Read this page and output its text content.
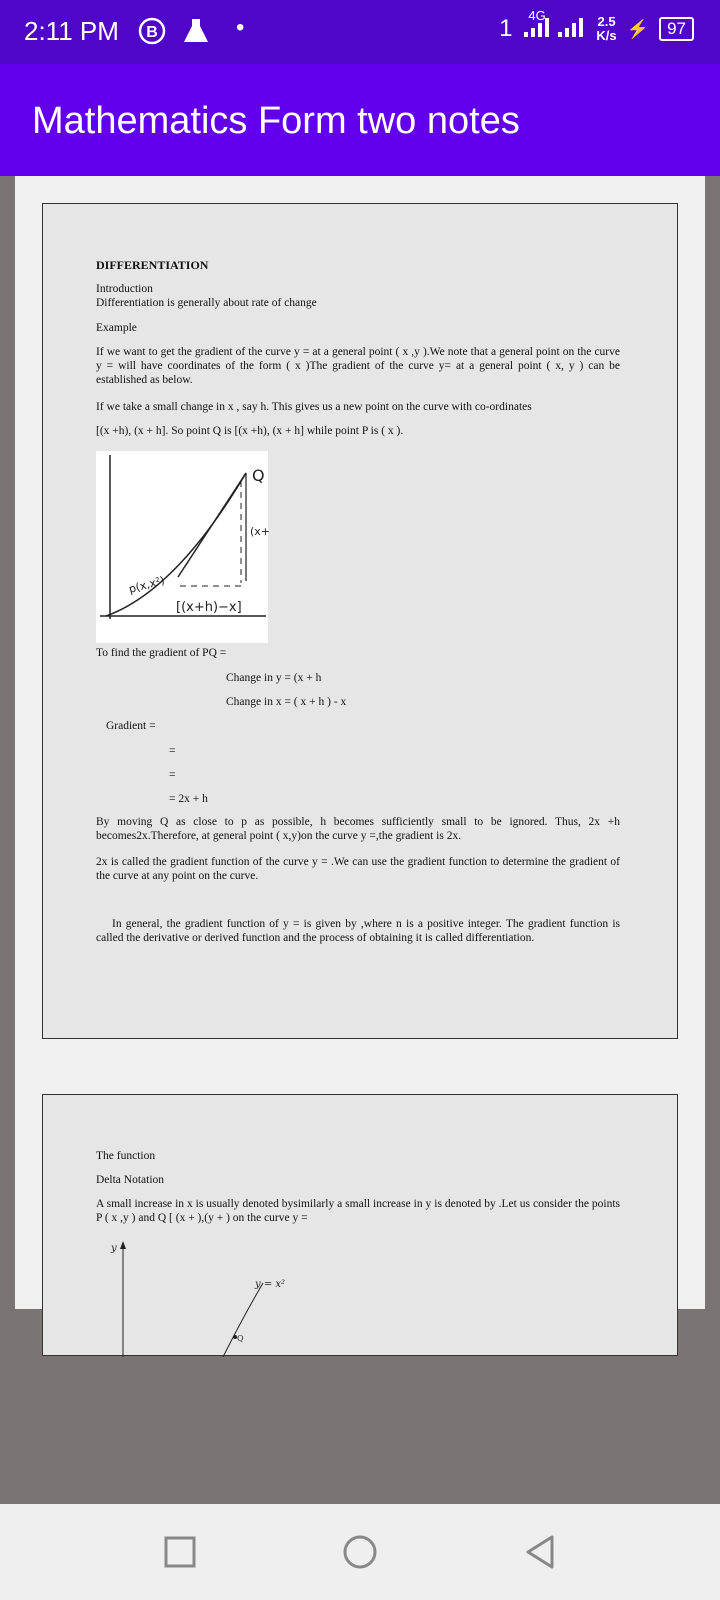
2:11 PM B	•	1 4G	2.5
K/s ⚡	97
Mathematics Form two notes
DIFFERENTIATION
Introduction
Differentiation is generally about rate of change
Example
If we want to get the gradient of the curve y = at a general point ( x ,y ).We note that a general point on the curve y = will have coordinates of the form ( x )The gradient of the curve y= at a general point ( x, y ) can be established as below.
If we take a small change in x , say h. This gives us a new point on the curve with co-ordinates
[(x +h), (x + h]. So point Q is [(x +h), (x + h] while point P is ( x ).
Q
(x+
p(x,x²)
[(x+h)−x]
To find the gradient of PQ =
Change in y = (x + h
Change in x = ( x + h ) - x
Gradient =
=
=
= 2x + h
By moving Q as close to p as possible, h becomes sufficiently small to be ignored. Thus, 2x +h becomes2x.Therefore, at general point ( x,y)on the curve y =,the gradient is 2x.
2x is called the gradient function of the curve y = .We can use the gradient function to determine the gradient of the curve at any point on the curve.
In general, the gradient function of y = is given by ,where n is a positive integer. The gradient function is called the derivative or derived function and the process of obtaining it is called differentiation.
The function
Delta Notation
A small increase in x is usually denoted bysimilarly a small increase in y is denoted by .Let us consider the points P ( x ,y ) and Q [ (x + ),(y + ) on the curve y =
y
y = x²
Q
